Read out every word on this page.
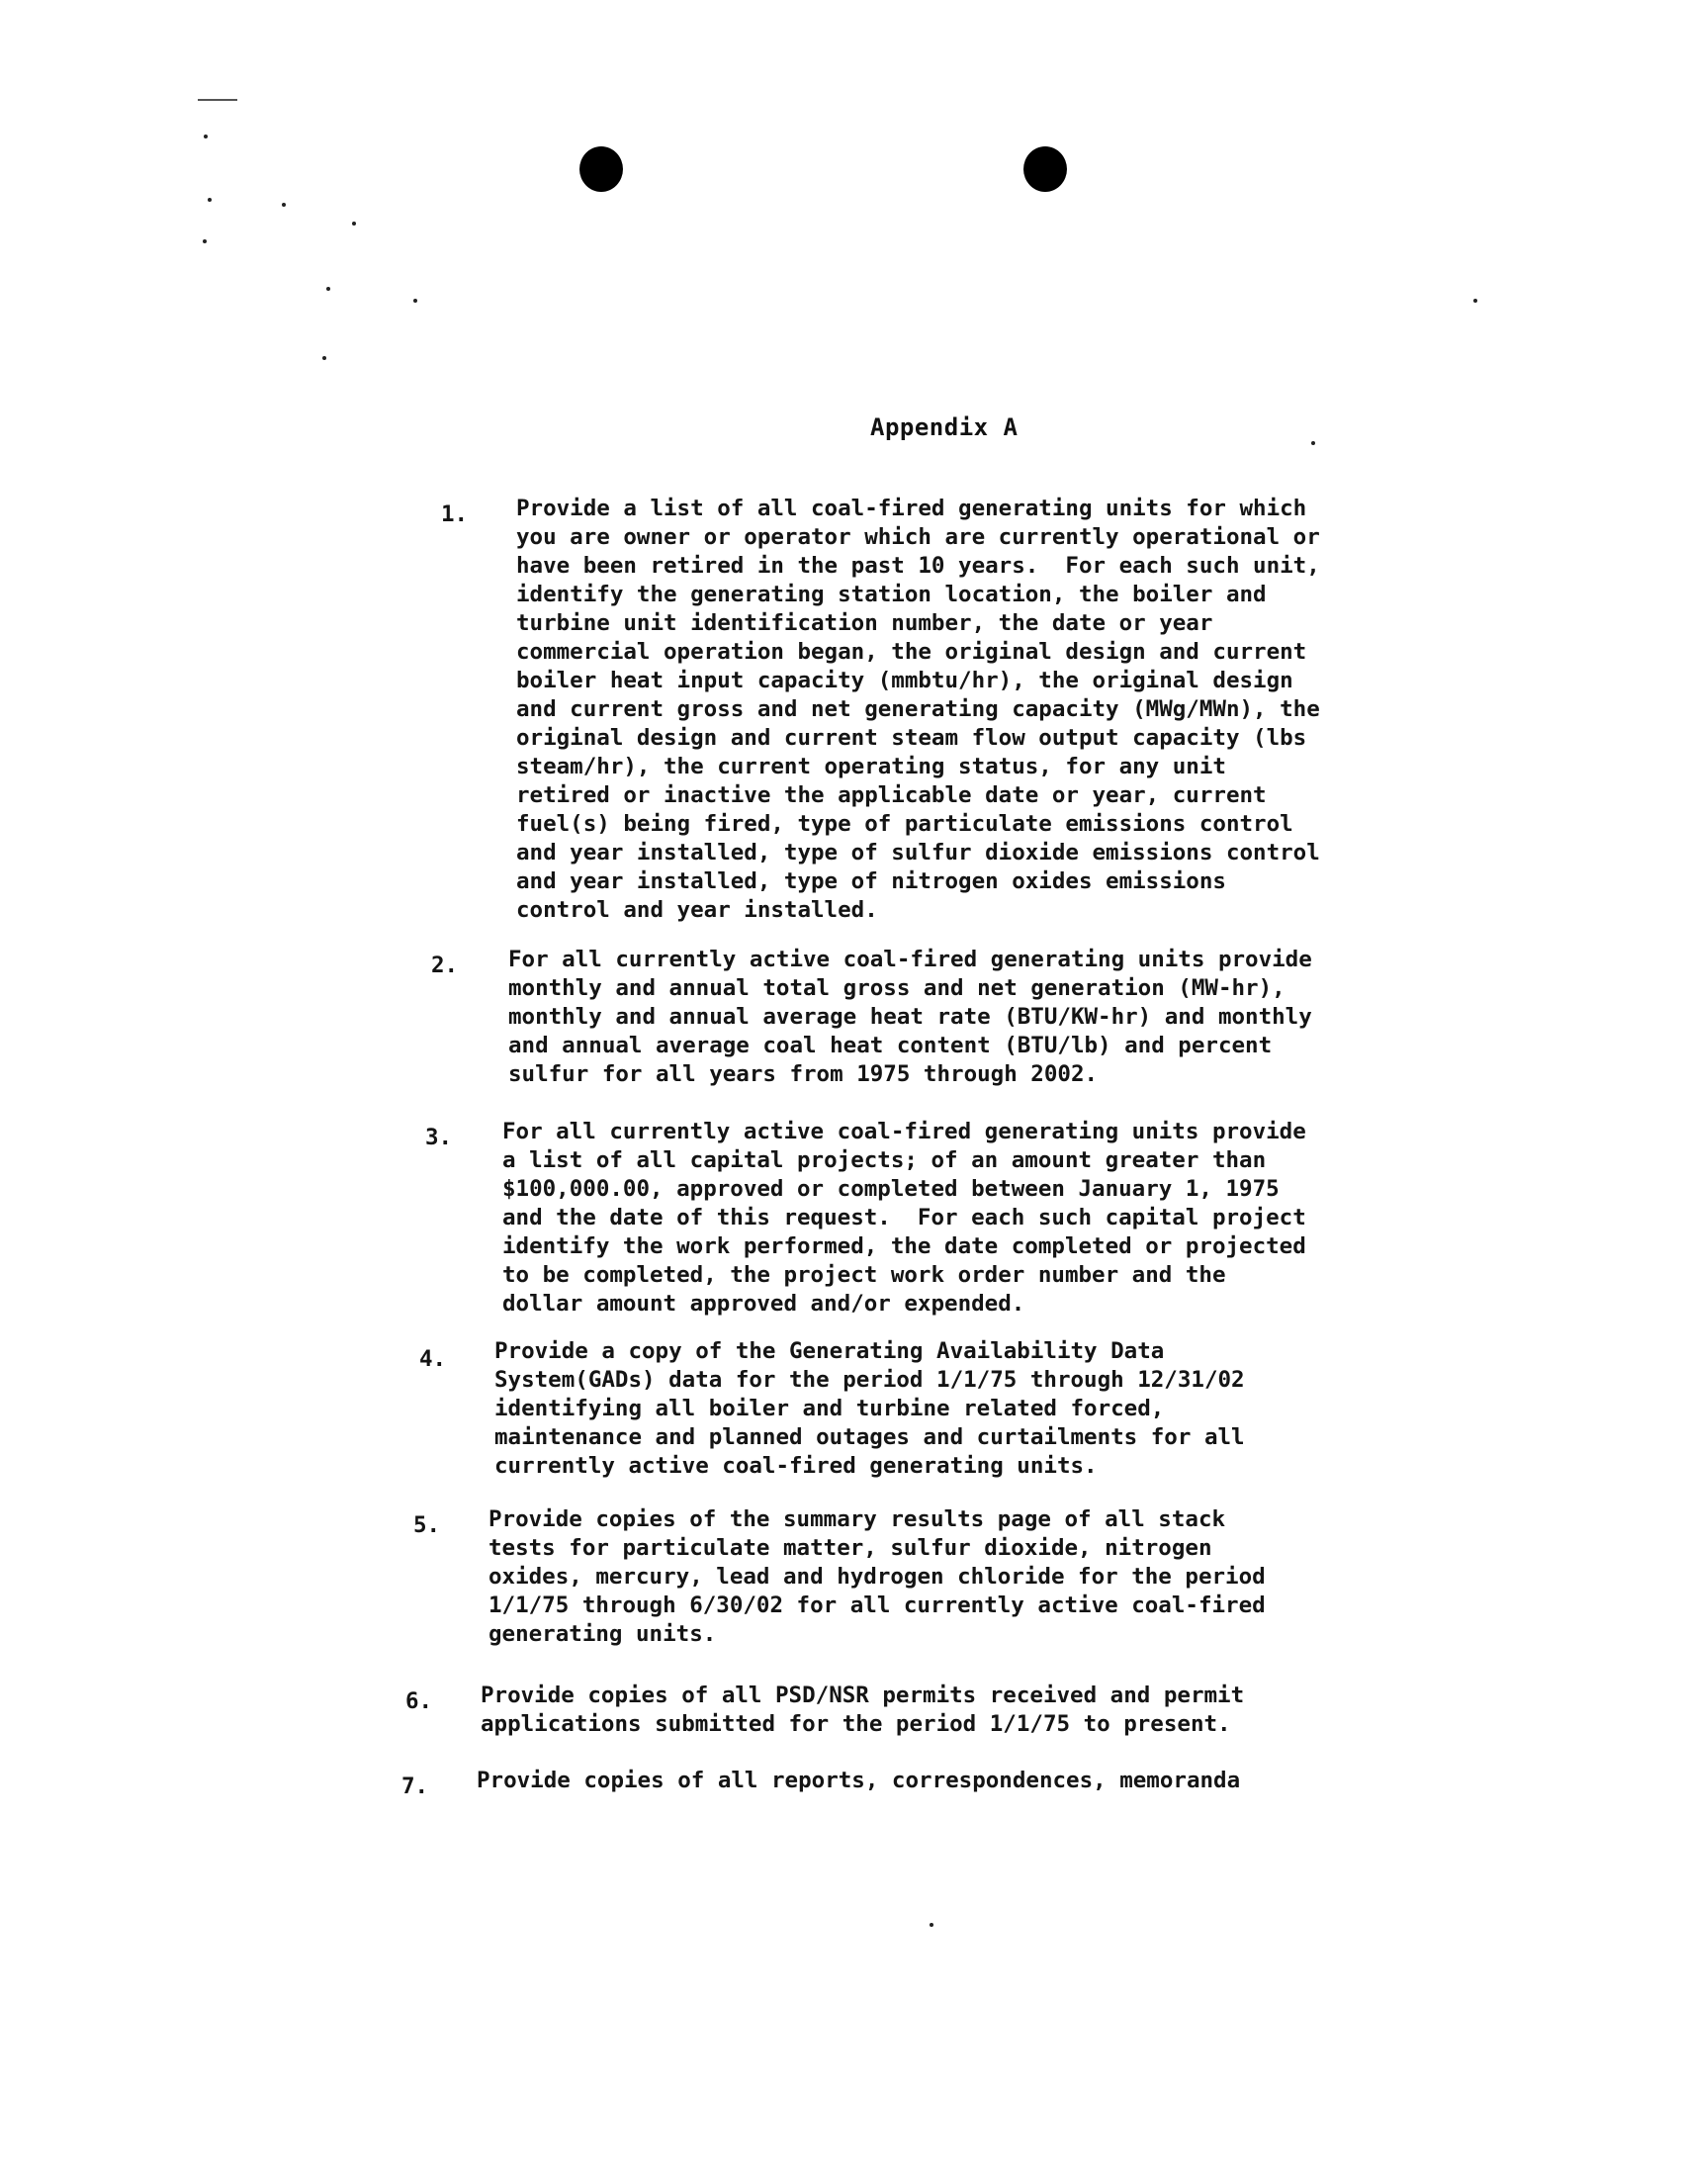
Appendix A
1.	Provide a list of all coal-fired generating units for which
you are owner or operator which are currently operational or
have been retired in the past 10 years.  For each such unit,
identify the generating station location, the boiler and
turbine unit identification number, the date or year
commercial operation began, the original design and current
boiler heat input capacity (mmbtu/hr), the original design
and current gross and net generating capacity (MWg/MWn), the
original design and current steam flow output capacity (lbs
steam/hr), the current operating status, for any unit
retired or inactive the applicable date or year, current
fuel(s) being fired, type of particulate emissions control
and year installed, type of sulfur dioxide emissions control
and year installed, type of nitrogen oxides emissions
control and year installed.
2.	For all currently active coal-fired generating units provide
monthly and annual total gross and net generation (MW-hr),
monthly and annual average heat rate (BTU/KW-hr) and monthly
and annual average coal heat content (BTU/lb) and percent
sulfur for all years from 1975 through 2002.
3.	For all currently active coal-fired generating units provide
a list of all capital projects; of an amount greater than
$100,000.00, approved or completed between January 1, 1975
and the date of this request.  For each such capital project
identify the work performed, the date completed or projected
to be completed, the project work order number and the
dollar amount approved and/or expended.
4.	Provide a copy of the Generating Availability Data
System(GADs) data for the period 1/1/75 through 12/31/02
identifying all boiler and turbine related forced,
maintenance and planned outages and curtailments for all
currently active coal-fired generating units.
5.	Provide copies of the summary results page of all stack
tests for particulate matter, sulfur dioxide, nitrogen
oxides, mercury, lead and hydrogen chloride for the period
1/1/75 through 6/30/02 for all currently active coal-fired
generating units.
6.	Provide copies of all PSD/NSR permits received and permit
applications submitted for the period 1/1/75 to present.
7.	Provide copies of all reports, correspondences, memoranda
